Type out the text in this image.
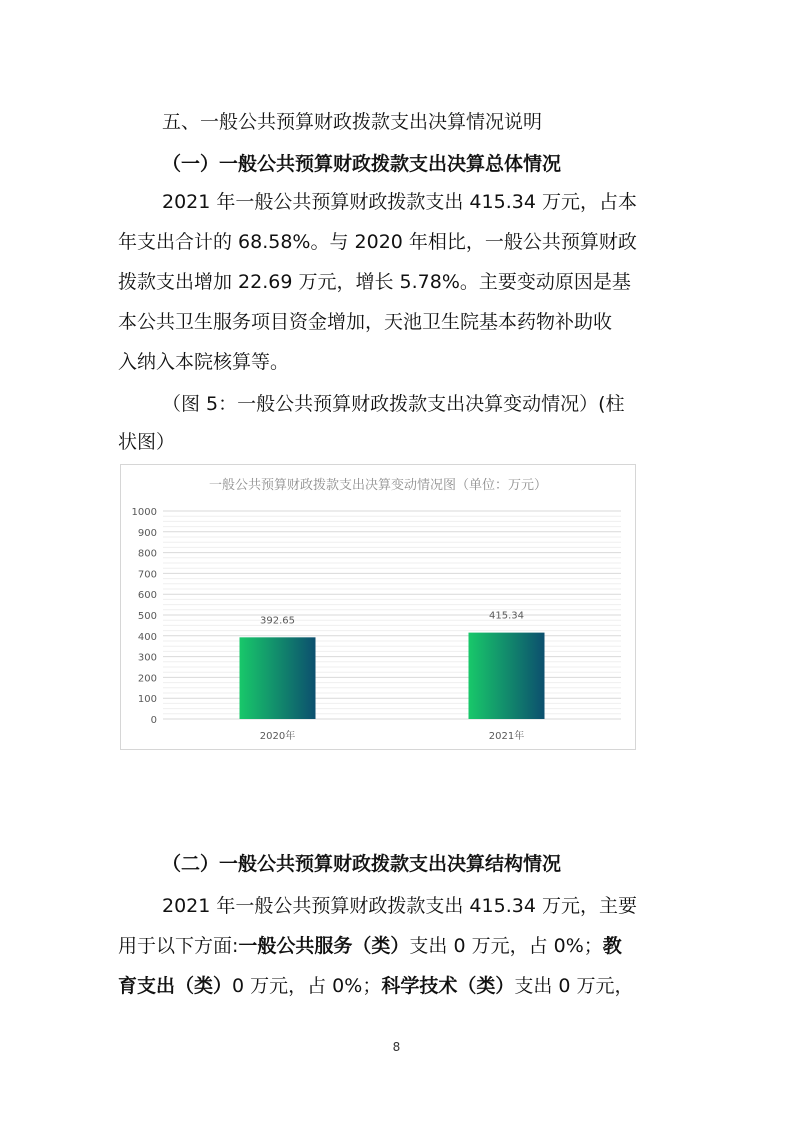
五、一般公共预算财政拨款支出决算情况说明
（一）一般公共预算财政拨款支出决算总体情况
2021 年一般公共预算财政拨款支出 415.34 万元，占本
年支出合计的 68.58%。与 2020 年相比，一般公共预算财政
拨款支出增加 22.69 万元，增长 5.78%。主要变动原因是基
本公共卫生服务项目资金增加，天池卫生院基本药物补助收
入纳入本院核算等。
（图 5：一般公共预算财政拨款支出决算变动情况）(柱
状图）
一般公共预算财政拨款支出决算变动情况图（单位：万元）
0
100
200
300
400
500
600
700
800
900
1000
392.65	415.34
2020年	2021年
（二）一般公共预算财政拨款支出决算结构情况
2021 年一般公共预算财政拨款支出 415.34 万元，主要
用于以下方面:一般公共服务（类）支出 0 万元，占 0%；教
育支出（类）0 万元，占 0%；科学技术（类）支出 0 万元，
8
